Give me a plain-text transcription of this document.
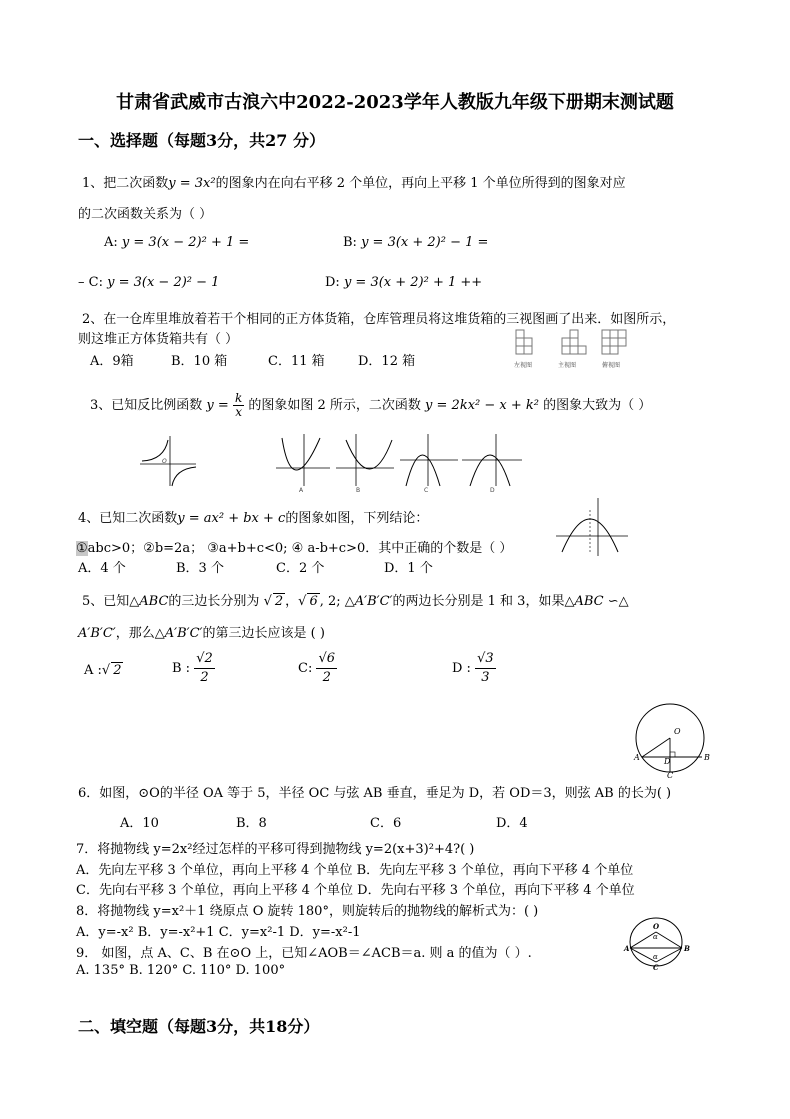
甘肃省武威市古浪六中2022-2023学年人教版九年级下册期末测试题
一、选择题（每题3分，共27 分）
1、把二次函数y = 3x²的图象内在向右平移 2 个单位，再向上平移 1 个单位所得到的图象对应
的二次函数关系为（ ）
A: y = 3(x − 2)² + 1 =	B: y = 3(x + 2)² − 1 =
– C: y = 3(x − 2)² − 1	D: y = 3(x + 2)² + 1 ++
2、在一仓库里堆放着若干个相同的正方体货箱，仓库管理员将这堆货箱的三视图画了出来．如图所示，
则这堆正方体货箱共有（ ）
A．9箱	B．10 箱	C．11 箱	D．12 箱	左视图	主视图	俯视图
3、已知反比例函数 $y = \frac{k}{x}$ 的图象如图 2 所示，二次函数 y = 2kx² − x + k² 的图象大致为（ ）
O
A	B	C	D
4、已知二次函数y = ax² + bx + c的图象如图，下列结论：
①abc>0；②b=2a； ③a+b+c<0; ④ a-b+c>0．其中正确的个数是（ ）
A．4 个	B．3 个	C．2 个	D．1 个
5、已知△ABC的三边长分别为 √ 2 ，√ 6 , 2; △A′B′C′的两边长分别是 1 和 3，如果△ABC ∽△
A′B′C′，那么△A′B′C′的第三边长应该是 ( )
A :√ 2	B : $\frac{√2}{2}$	C: $\frac{√6}{2}$	D : $\frac{√3}{3}$
O
A	B
D
C
6．如图，⊙O的半径 OA 等于 5，半径 OC 与弦 AB 垂直，垂足为 D，若 OD＝3，则弦 AB 的长为( )
A．10	B．8	C．6	D．4
7．将抛物线 y=2x²经过怎样的平移可得到抛物线 y=2(x+3)²+4?( )
A．先向左平移 3 个单位，再向上平移 4 个单位 B．先向左平移 3 个单位，再向下平移 4 个单位
C．先向右平移 3 个单位，再向上平移 4 个单位 D．先向右平移 3 个单位，再向下平移 4 个单位
8．将抛物线 y=x²＋1 绕原点 O 旋转 180°，则旋转后的抛物线的解析式为：( )
A．y=-x² B．y=-x²+1 C．y=x²-1 D．y=-x²-1
9． 如图，点 A、C、B 在⊙O 上，已知∠AOB＝∠ACB＝a. 则 a 的值为（ ）.
A. 135° B. 120° C. 110° D. 100°
O
α
α
A	B
C
二、填空题（每题3分，共18分）
